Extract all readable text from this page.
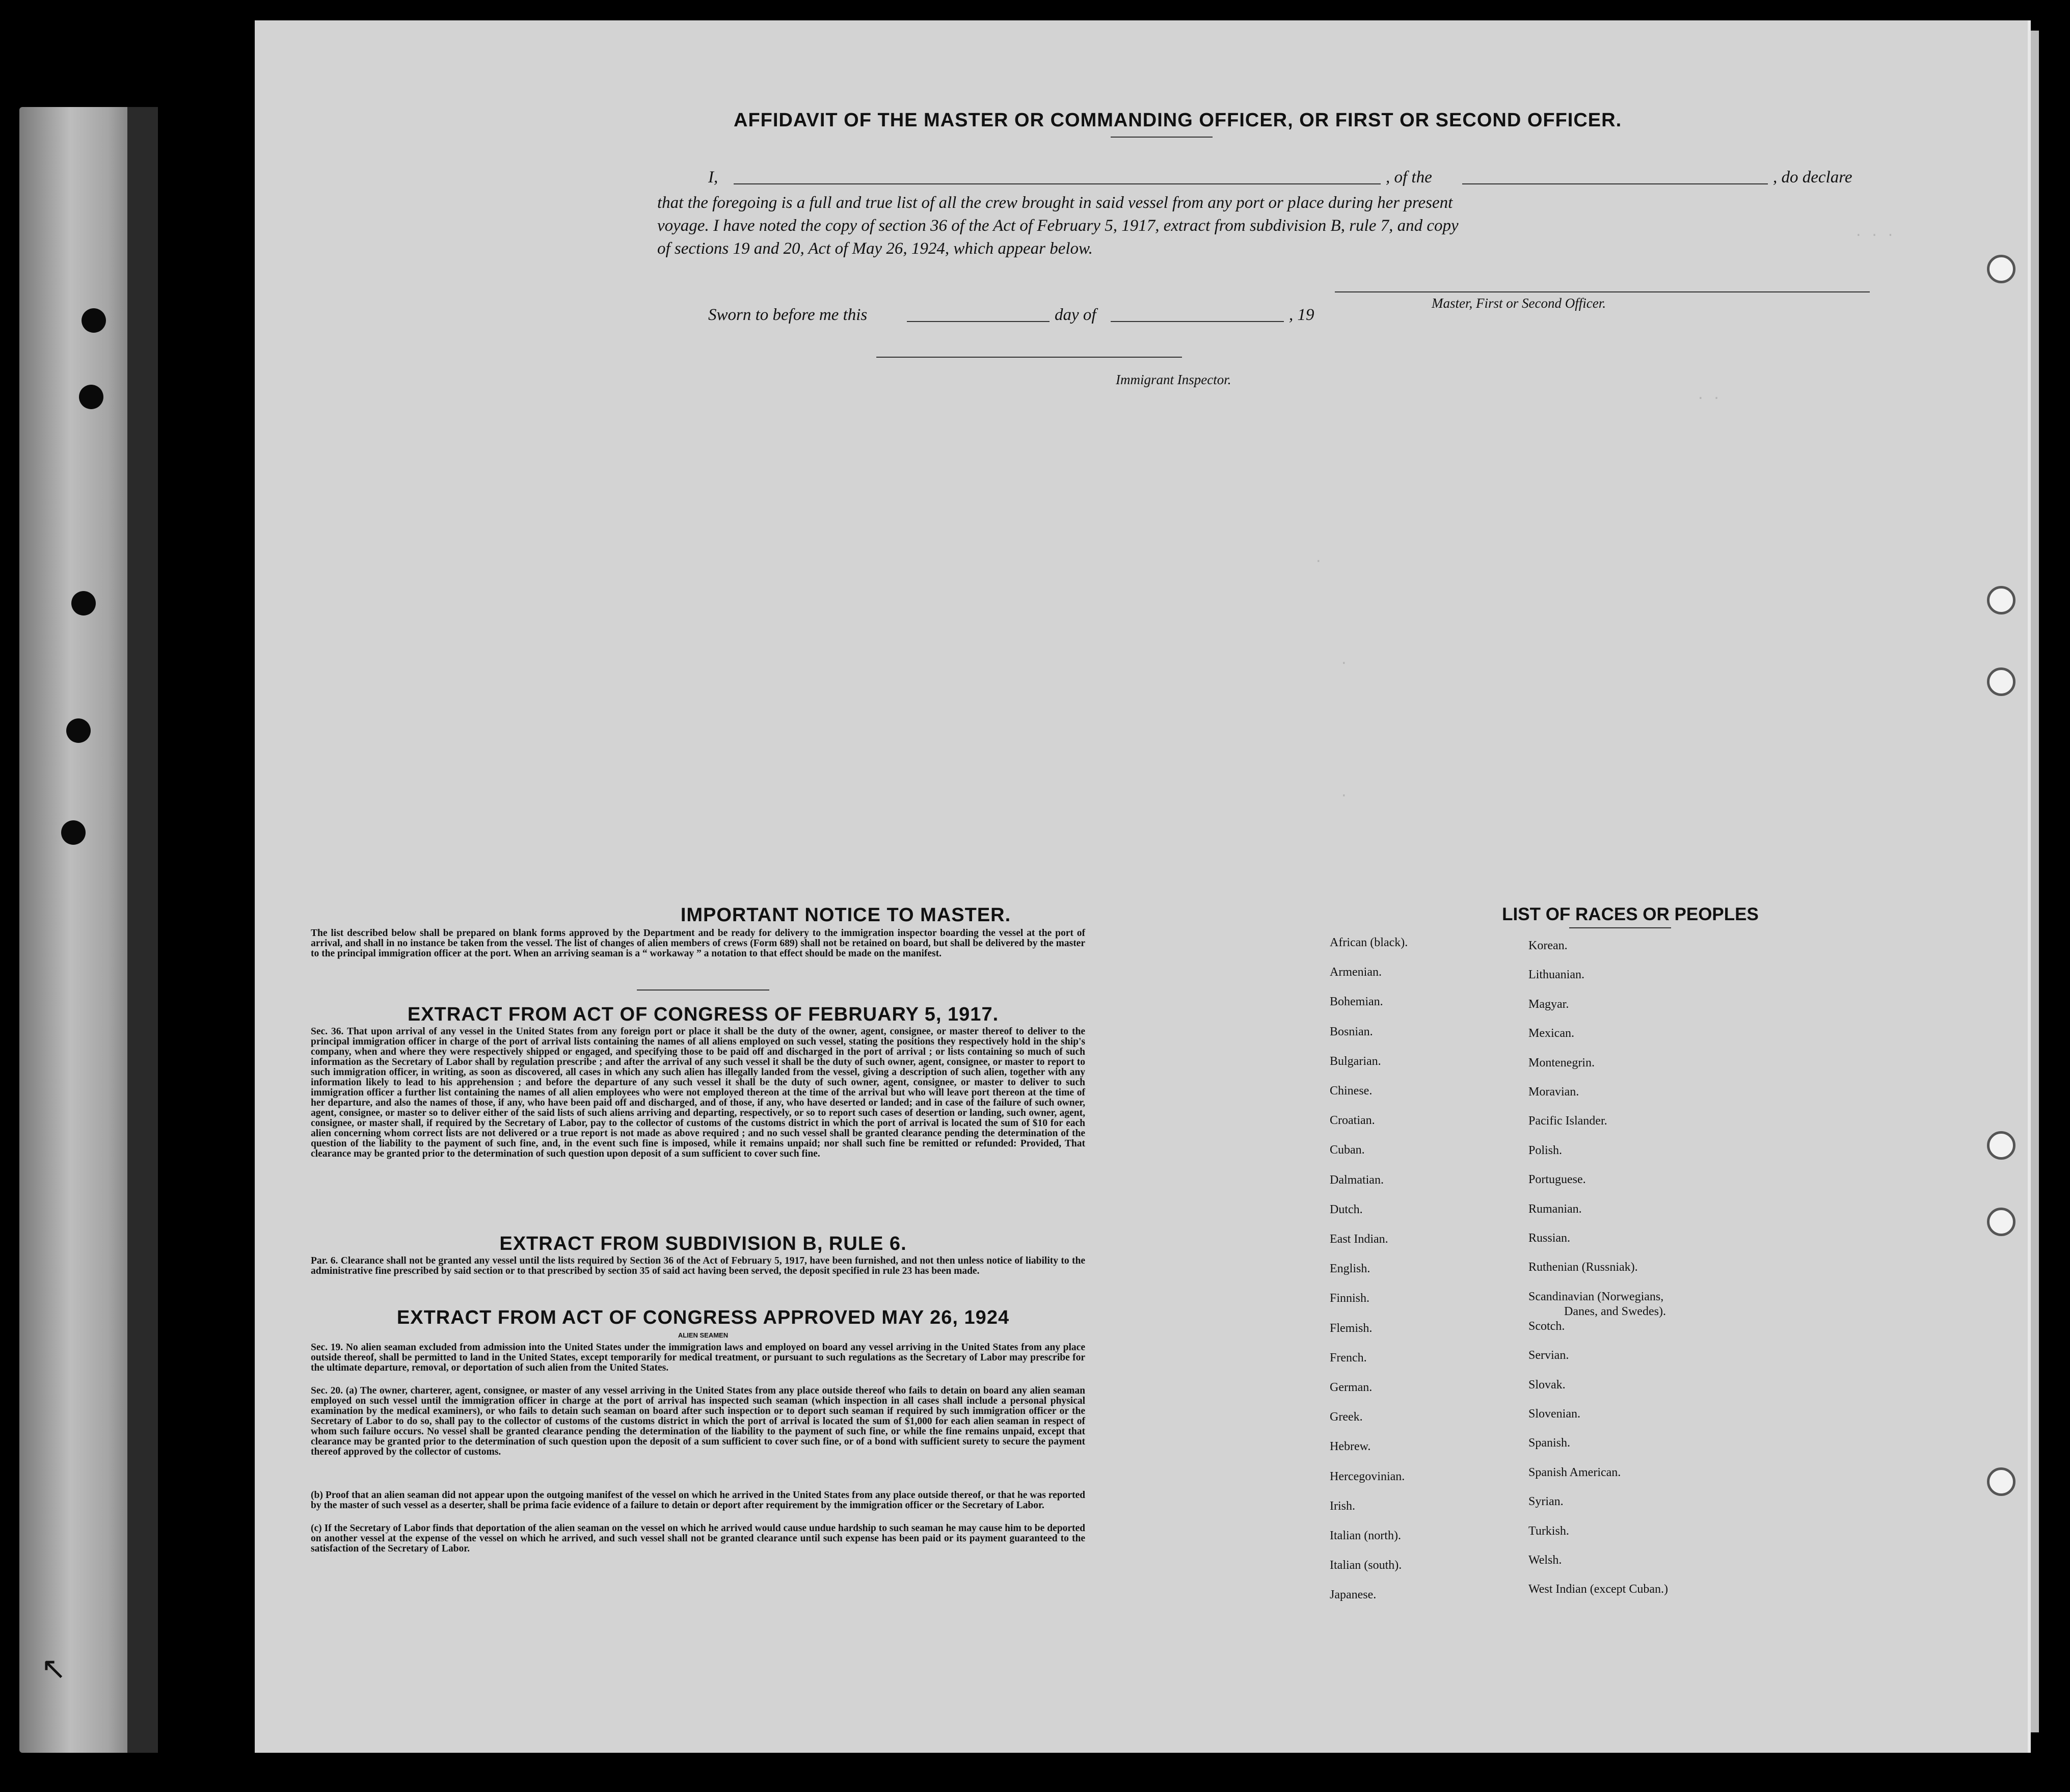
↖
. .
.
.
.
. . .
AFFIDAVIT OF THE MASTER OR COMMANDING OFFICER, OR FIRST OR SECOND OFFICER.
I,	, of the	, do declare
that the foregoing is a full and true list of all the crew brought in said vessel from any port or place during her present
voyage. I have noted the copy of section 36 of the Act of February 5, 1917, extract from subdivision B, rule 7, and copy
of sections 19 and 20, Act of May 26, 1924, which appear below.
Master, First or Second Officer.
Sworn to before me this	day of	, 19
Immigrant Inspector.
IMPORTANT NOTICE TO MASTER.
The list described below shall be prepared on blank forms approved by the Department and be ready for delivery to the immigration inspector boarding the vessel at the port of arrival, and shall in no instance be taken from the vessel. The list of changes of alien members of crews (Form 689) shall not be retained on board, but shall be delivered by the master to the principal immigration officer at the port. When an arriving seaman is a “ workaway ” a notation to that effect should be made on the manifest.
EXTRACT FROM ACT OF CONGRESS OF FEBRUARY 5, 1917.
Sec. 36. That upon arrival of any vessel in the United States from any foreign port or place it shall be the duty of the owner, agent, consignee, or master thereof to deliver to the principal immigration officer in charge of the port of arrival lists containing the names of all aliens employed on such vessel, stating the positions they respectively hold in the ship's company, when and where they were respectively shipped or engaged, and specifying those to be paid off and discharged in the port of arrival ; or lists containing so much of such information as the Secretary of Labor shall by regulation prescribe ; and after the arrival of any such vessel it shall be the duty of such owner, agent, consignee, or master to report to such immigration officer, in writing, as soon as discovered, all cases in which any such alien has illegally landed from the vessel, giving a description of such alien, together with any information likely to lead to his apprehension ; and before the departure of any such vessel it shall be the duty of such owner, agent, consignee, or master to deliver to such immigration officer a further list containing the names of all alien employees who were not employed thereon at the time of the arrival but who will leave port thereon at the time of her departure, and also the names of those, if any, who have been paid off and discharged, and of those, if any, who have deserted or landed; and in case of the failure of such owner, agent, consignee, or master so to deliver either of the said lists of such aliens arriving and departing, respectively, or so to report such cases of desertion or landing, such owner, agent, consignee, or master shall, if required by the Secretary of Labor, pay to the collector of customs of the customs district in which the port of arrival is located the sum of $10 for each alien concerning whom correct lists are not delivered or a true report is not made as above required ; and no such vessel shall be granted clearance pending the determination of the question of the liability to the payment of such fine, and, in the event such fine is imposed, while it remains unpaid; nor shall such fine be remitted or refunded: Provided, That clearance may be granted prior to the determination of such question upon deposit of a sum sufficient to cover such fine.
EXTRACT FROM SUBDIVISION B, RULE 6.
Par. 6. Clearance shall not be granted any vessel until the lists required by Section 36 of the Act of February 5, 1917, have been furnished, and not then unless notice of liability to the administrative fine prescribed by said section or to that prescribed by section 35 of said act having been served, the deposit specified in rule 23 has been made.
EXTRACT FROM ACT OF CONGRESS APPROVED MAY 26, 1924
ALIEN SEAMEN
Sec. 19. No alien seaman excluded from admission into the United States under the immigration laws and employed on board any vessel arriving in the United States from any place outside thereof, shall be permitted to land in the United States, except temporarily for medical treatment, or pursuant to such regulations as the Secretary of Labor may prescribe for the ultimate departure, removal, or deportation of such alien from the United States.
Sec. 20. (a) The owner, charterer, agent, consignee, or master of any vessel arriving in the United States from any place outside thereof who fails to detain on board any alien seaman employed on such vessel until the immigration officer in charge at the port of arrival has inspected such seaman (which inspection in all cases shall include a personal physical examination by the medical examiners), or who fails to detain such seaman on board after such inspection or to deport such seaman if required by such immigration officer or the Secretary of Labor to do so, shall pay to the collector of customs of the customs district in which the port of arrival is located the sum of $1,000 for each alien seaman in respect of whom such failure occurs. No vessel shall be granted clearance pending the determination of the liability to the payment of such fine, or while the fine remains unpaid, except that clearance may be granted prior to the determination of such question upon the deposit of a sum sufficient to cover such fine, or of a bond with sufficient surety to secure the payment thereof approved by the collector of customs.
(b) Proof that an alien seaman did not appear upon the outgoing manifest of the vessel on which he arrived in the United States from any place outside thereof, or that he was reported by the master of such vessel as a deserter, shall be prima facie evidence of a failure to detain or deport after requirement by the immigration officer or the Secretary of Labor.
(c) If the Secretary of Labor finds that deportation of the alien seaman on the vessel on which he arrived would cause undue hardship to such seaman he may cause him to be deported on another vessel at the expense of the vessel on which he arrived, and such vessel shall not be granted clearance until such expense has been paid or its payment guaranteed to the satisfaction of the Secretary of Labor.
LIST OF RACES OR PEOPLES
African (black).
Armenian.
Bohemian.
Bosnian.
Bulgarian.
Chinese.
Croatian.
Cuban.
Dalmatian.
Dutch.
East Indian.
English.
Finnish.
Flemish.
French.
German.
Greek.
Hebrew.
Hercegovinian.
Irish.
Italian (north).
Italian (south).
Japanese.
Korean.
Lithuanian.
Magyar.
Mexican.
Montenegrin.
Moravian.
Pacific Islander.
Polish.
Portuguese.
Rumanian.
Russian.
Ruthenian (Russniak).
Scandinavian (Norwegians,
Danes, and Swedes).
Scotch.
Servian.
Slovak.
Slovenian.
Spanish.
Spanish American.
Syrian.
Turkish.
Welsh.
West Indian (except Cuban.)
